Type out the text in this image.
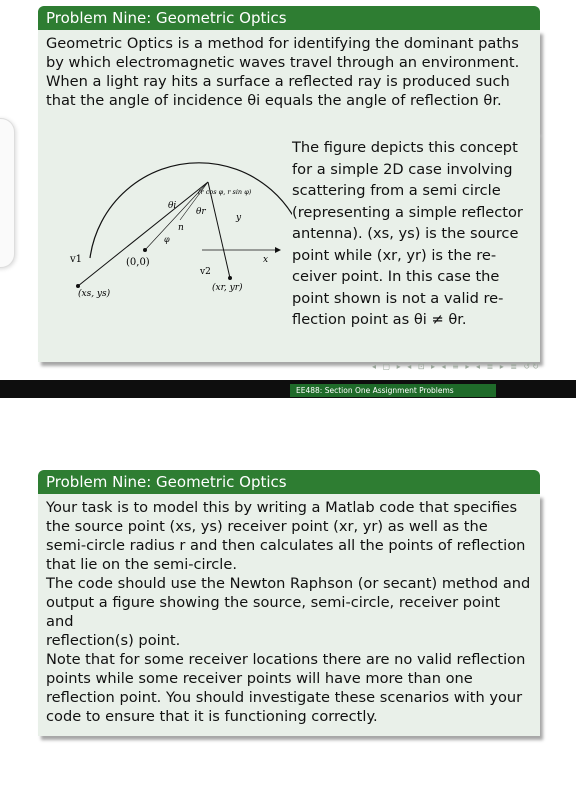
Problem Nine: Geometric Optics

Geometric Optics is a method for identifying the dominant paths

by which electromagnetic waves travel through an environment.

When a light ray hits a surface a reflected ray is produced such

that the angle of incidence θi equals the angle of reflection θr.

v1	(0,0)
(xs, ys)
v2
(xr, yr)
θi
θr
n
φ
(r cos φ, r sin φ)
y
x
The figure depicts this concept
for a simple 2D case involving
scattering from a semi circle
(representing a simple reflector
antenna). (xs, ys) is the source
point while (xr, yr) is the re-
ceiver point. In this case the
point shown is not a valid re-
flection point as θi ≠ θr.
◂ ▢ ▸ ◂ ⊡ ▸ ◂ ≡ ▸ ◂ ≣ ▸ ≣ ↺↻
EE488: Section One Assignment Problems
Problem Nine: Geometric Optics

Your task is to model this by writing a Matlab code that specifies

the source point (xs, ys) receiver point (xr, yr) as well as the

semi-circle radius r and then calculates all the points of reflection

that lie on the semi-circle.

The code should use the Newton Raphson (or secant) method and

output a figure showing the source, semi-circle, receiver point and

reflection(s) point.

Note that for some receiver locations there are no valid reflection

points while some receiver points will have more than one

reflection point. You should investigate these scenarios with your

code to ensure that it is functioning correctly.
